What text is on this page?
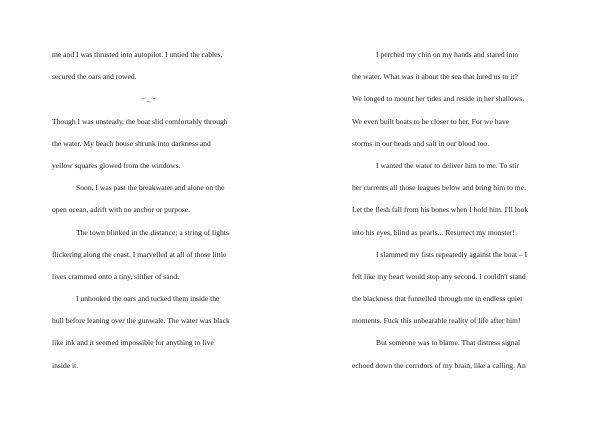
me and I was thrusted into autopilot. I untied the cables,
secured the oars and rowed.
~_~
Though I was unsteady, the boat slid comfortably through
the water. My beach house shrunk into darkness and
yellow squares glowed from the windows.
Soon, I was past the breakwater and alone on the
open ocean, adrift with no anchor or purpose.
The town blinked in the distance; a string of lights
flickering along the coast. I marvelled at all of those little
lives crammed onto a tiny, slither of sand.
I unhooked the oars and tucked them inside the
hull before leaning over the gunwale. The water was black
like ink and it seemed impossible for anything to live
inside it.
I perched my chin on my hands and stared into
the water. What was it about the sea that lured us to it?
We longed to mount her tides and reside in her shallows.
We even built boats to be closer to her. For we have
storms in our heads and salt in our blood too.
I wanted the water to deliver him to me. To stir
her currents all those leagues below and bring him to me.
Let the flesh fall from his bones when I hold him. I'll look
into his eyes, blind as pearls... Resurrect my monster!
I slammed my fists repeatedly against the boat – I
felt like my heart would stop any second. I couldn't stand
the blackness that funnelled through me in endless quiet
moments. Fuck this unbearable reality of life after him!
But someone was to blame. That distress signal
echoed down the corridors of my brain, like a calling. An
